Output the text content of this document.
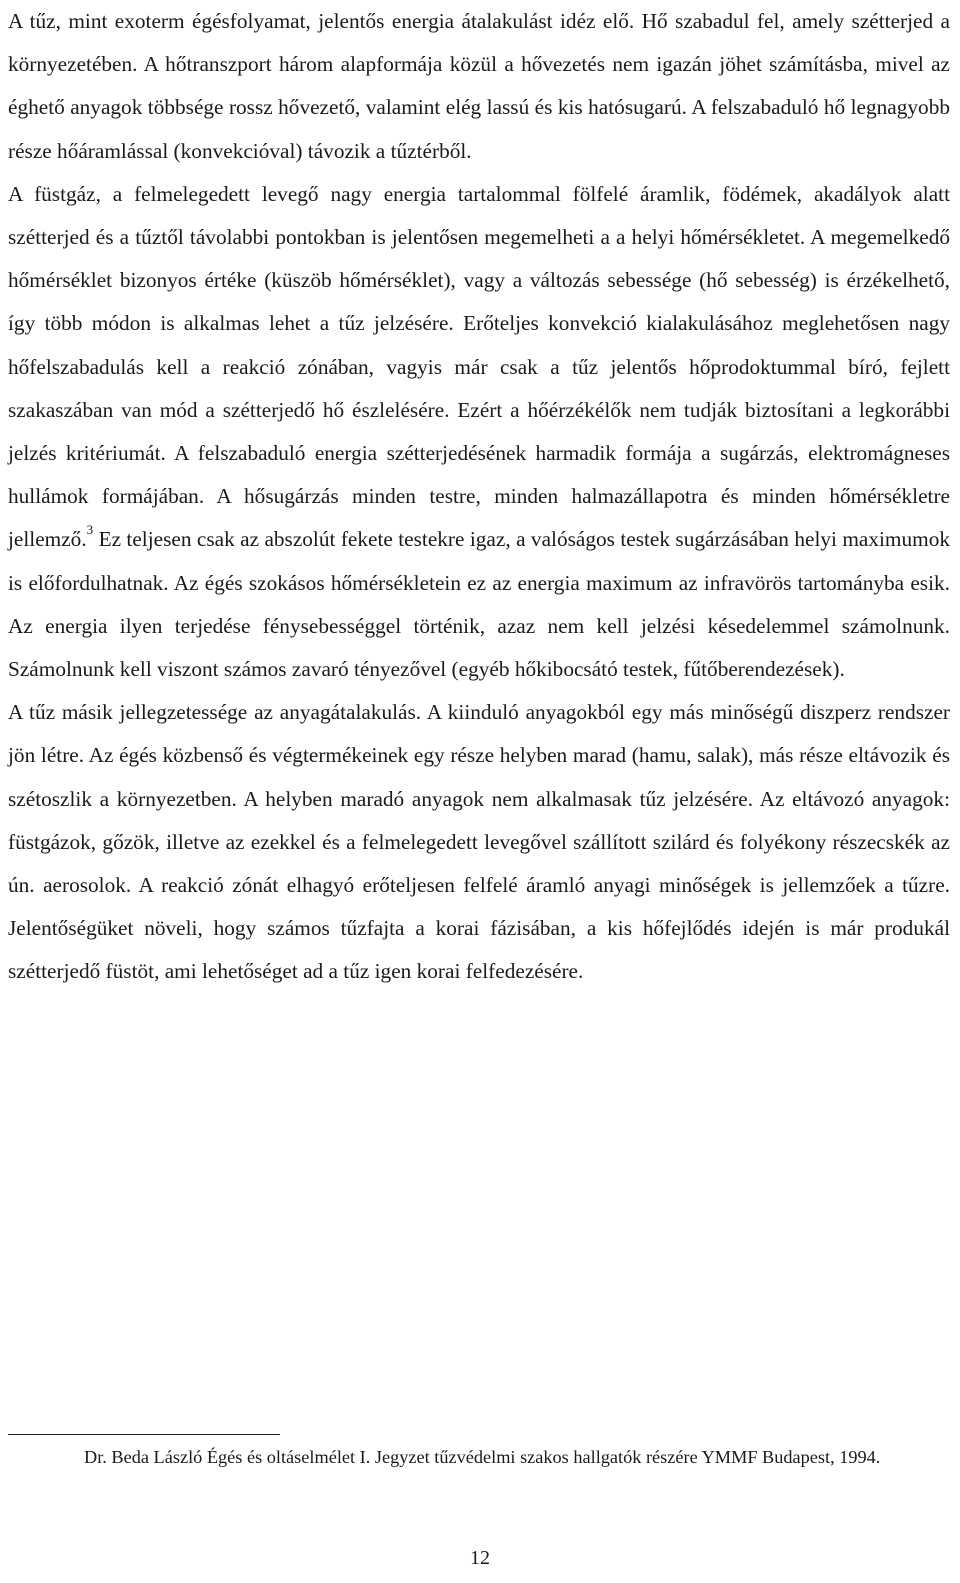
A tűz, mint exoterm égésfolyamat, jelentős energia átalakulást idéz elő. Hő szabadul fel, amely szétterjed a környezetében. A hőtranszport három alapformája közül a hővezetés nem igazán jöhet számításba, mivel az éghető anyagok többsége rossz hővezető, valamint elég lassú és kis hatósugarú. A felszabaduló hő legnagyobb része hőáramlással (konvekcióval) távozik a tűztérből.

A füstgáz, a felmelegedett levegő nagy energia tartalommal fölfelé áramlik, födémek, akadályok alatt szétterjed és a tűztől távolabbi pontokban is jelentősen megemelheti a a helyi hőmérsékletet. A megemelkedő hőmérséklet bizonyos értéke (küszöb hőmérséklet), vagy a változás sebessége (hő sebesség) is érzékelhető, így több módon is alkalmas lehet a tűz jelzésére. Erőteljes konvekció kialakulásához meglehetősen nagy hőfelszabadulás kell a reakció zónában, vagyis már csak a tűz jelentős hőprodoktummal bíró, fejlett szakaszában van mód a szétterjedő hő észlelésére. Ezért a hőérzékélők nem tudják biztosítani a legkorábbi jelzés kritériumát. A felszabaduló energia szétterjedésének harmadik formája a sugárzás, elektromágneses hullámok formájában. A hősugárzás minden testre, minden halmazállapotra és minden hőmérsékletre jellemző.$^3$ Ez teljesen csak az abszolút fekete testekre igaz, a valóságos testek sugárzásában helyi maximumok is előfordulhatnak. Az égés szokásos hőmérsékletein ez az energia maximum az infravörös tartományba esik. Az energia ilyen terjedése fénysebességgel történik, azaz nem kell jelzési késedelemmel számolnunk. Számolnunk kell viszont számos zavaró tényezővel (egyéb hőkibocsátó testek, fűtőberendezések).

A tűz másik jellegzetessége az anyagátalakulás. A kiinduló anyagokból egy más minőségű diszperz rendszer jön létre. Az égés közbenső és végtermékeinek egy része helyben marad (hamu, salak), más része eltávozik és szétoszlik a környezetben. A helyben maradó anyagok nem alkalmasak tűz jelzésére. Az eltávozó anyagok: füstgázok, gőzök, illetve az ezekkel és a felmelegedett levegővel szállított szilárd és folyékony részecskék az ún. aerosolok. A reakció zónát elhagyó erőteljesen felfelé áramló anyagi minőségek is jellemzőek a tűzre. Jelentőségüket növeli, hogy számos tűzfajta a korai fázisában, a kis hőfejlődés idején is már produkál szétterjedő füstöt, ami lehetőséget ad a tűz igen korai felfedezésére.

Dr. Beda László Égés és oltáselmélet I. Jegyzet tűzvédelmi szakos hallgatók részére YMMF Budapest, 1994.

12
